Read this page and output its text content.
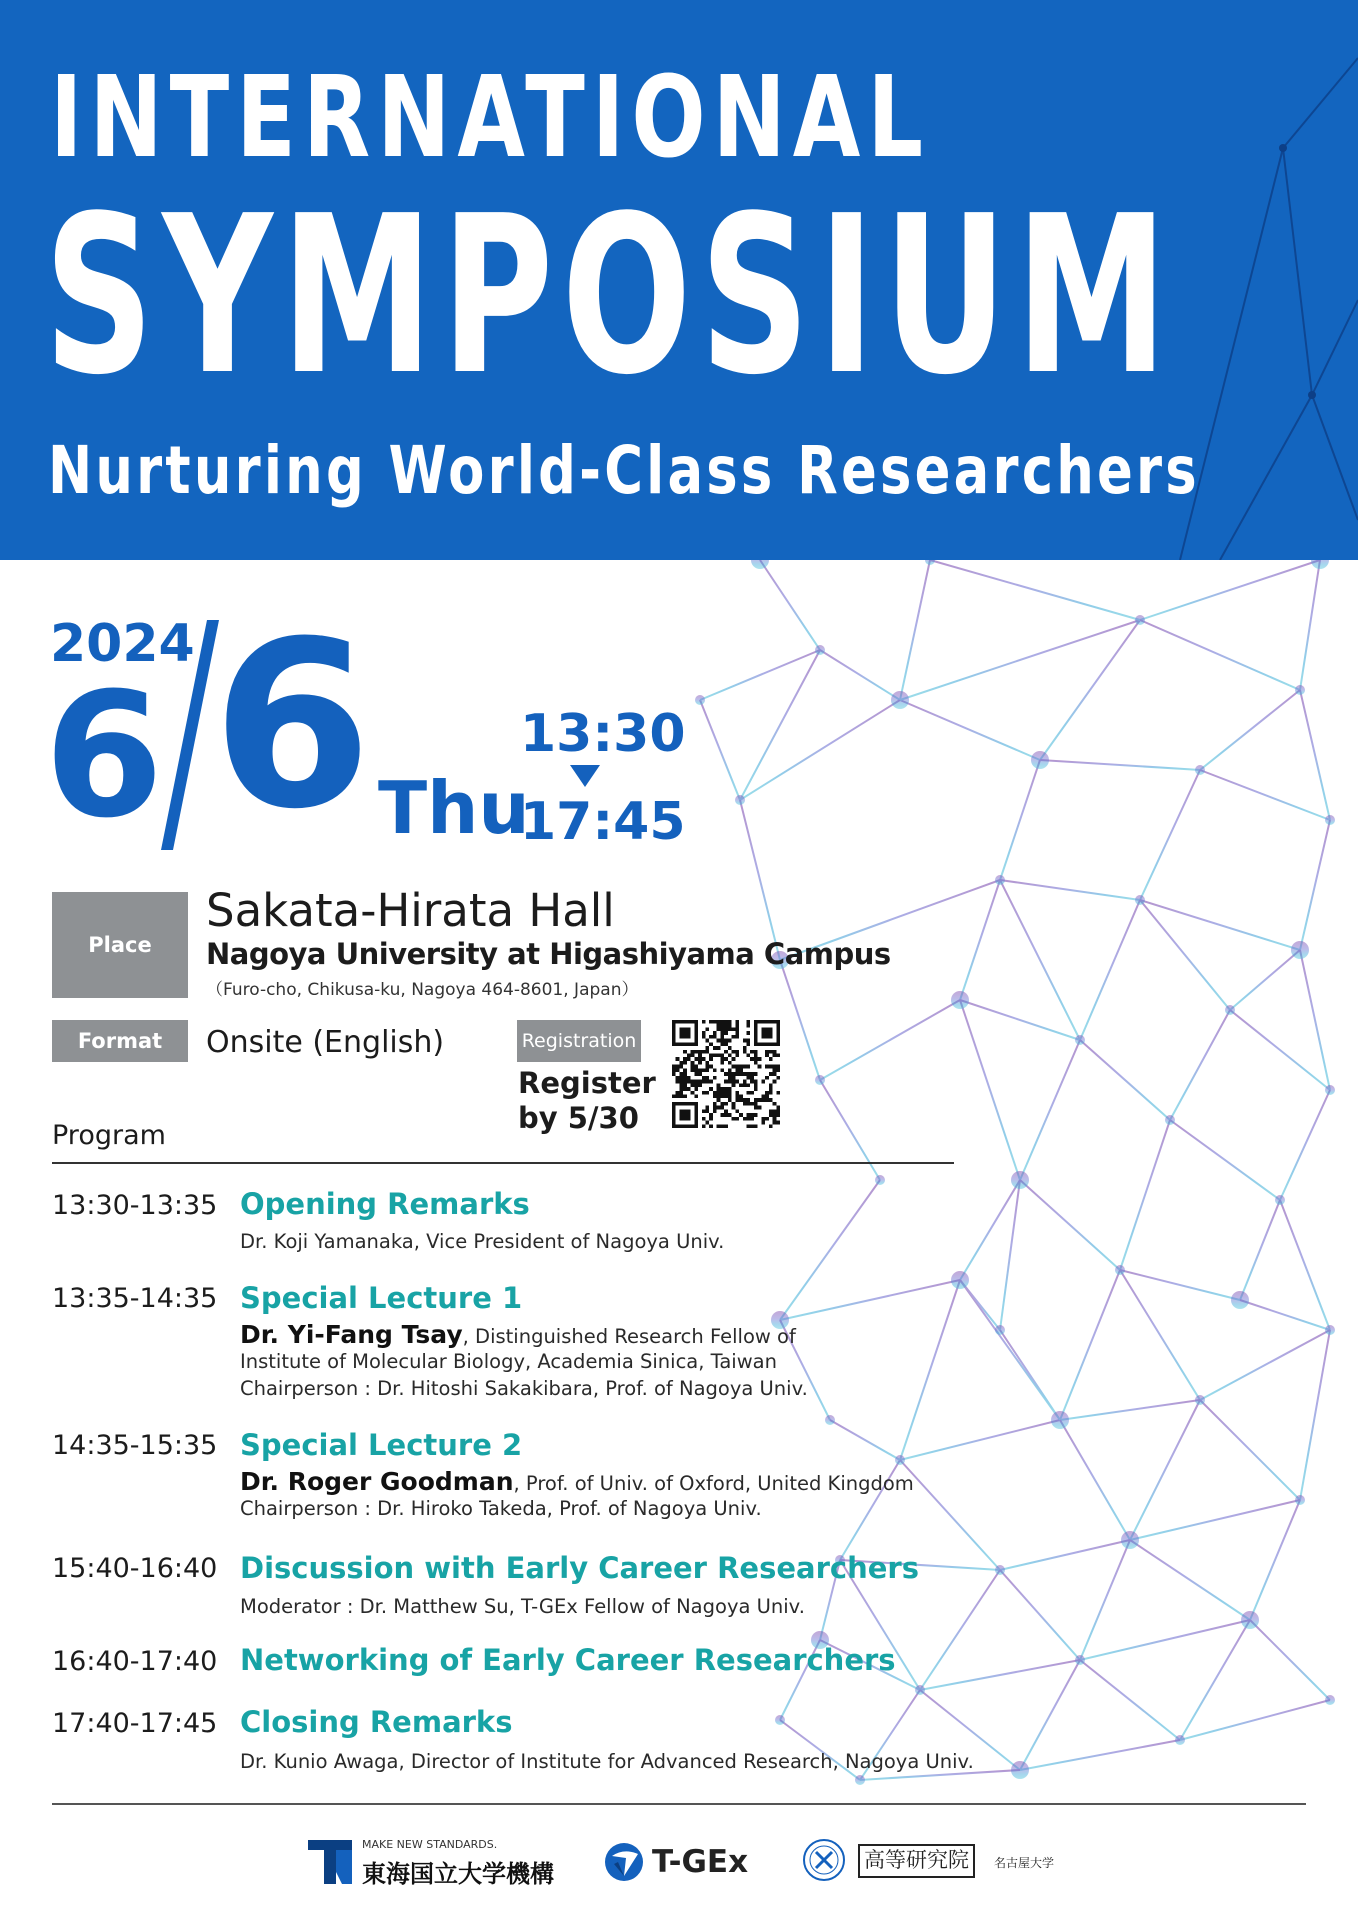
INTERNATIONAL
SYMPOSIUM
Nurturing World-Class Researchers
2024
6 6 Thu
13:30
17:45
Place
Sakata-Hirata Hall
Nagoya University at Higashiyama Campus
（Furo-cho, Chikusa-ku, Nagoya 464-8601, Japan）
Format Onsite (English)	Registration
Register
by 5/30
Program
13:30-13:35 Opening Remarks
Dr. Koji Yamanaka, Vice President of Nagoya Univ.
13:35-14:35 Special Lecture 1
Dr. Yi-Fang Tsay, Distinguished Research Fellow of
Institute of Molecular Biology, Academia Sinica, Taiwan
Chairperson : Dr. Hitoshi Sakakibara, Prof. of Nagoya Univ.
14:35-15:35 Special Lecture 2
Dr. Roger Goodman, Prof. of Univ. of Oxford, United Kingdom
Chairperson : Dr. Hiroko Takeda, Prof. of Nagoya Univ.
15:40-16:40 Discussion with Early Career Researchers
Moderator : Dr. Matthew Su, T-GEx Fellow of Nagoya Univ.
16:40-17:40 Networking of Early Career Researchers
17:40-17:45 Closing Remarks
Dr. Kunio Awaga, Director of Institute for Advanced Research, Nagoya Univ.
MAKE NEW STANDARDS.
東海国立大学機構	T-GEx	高等研究院	名古屋大学
